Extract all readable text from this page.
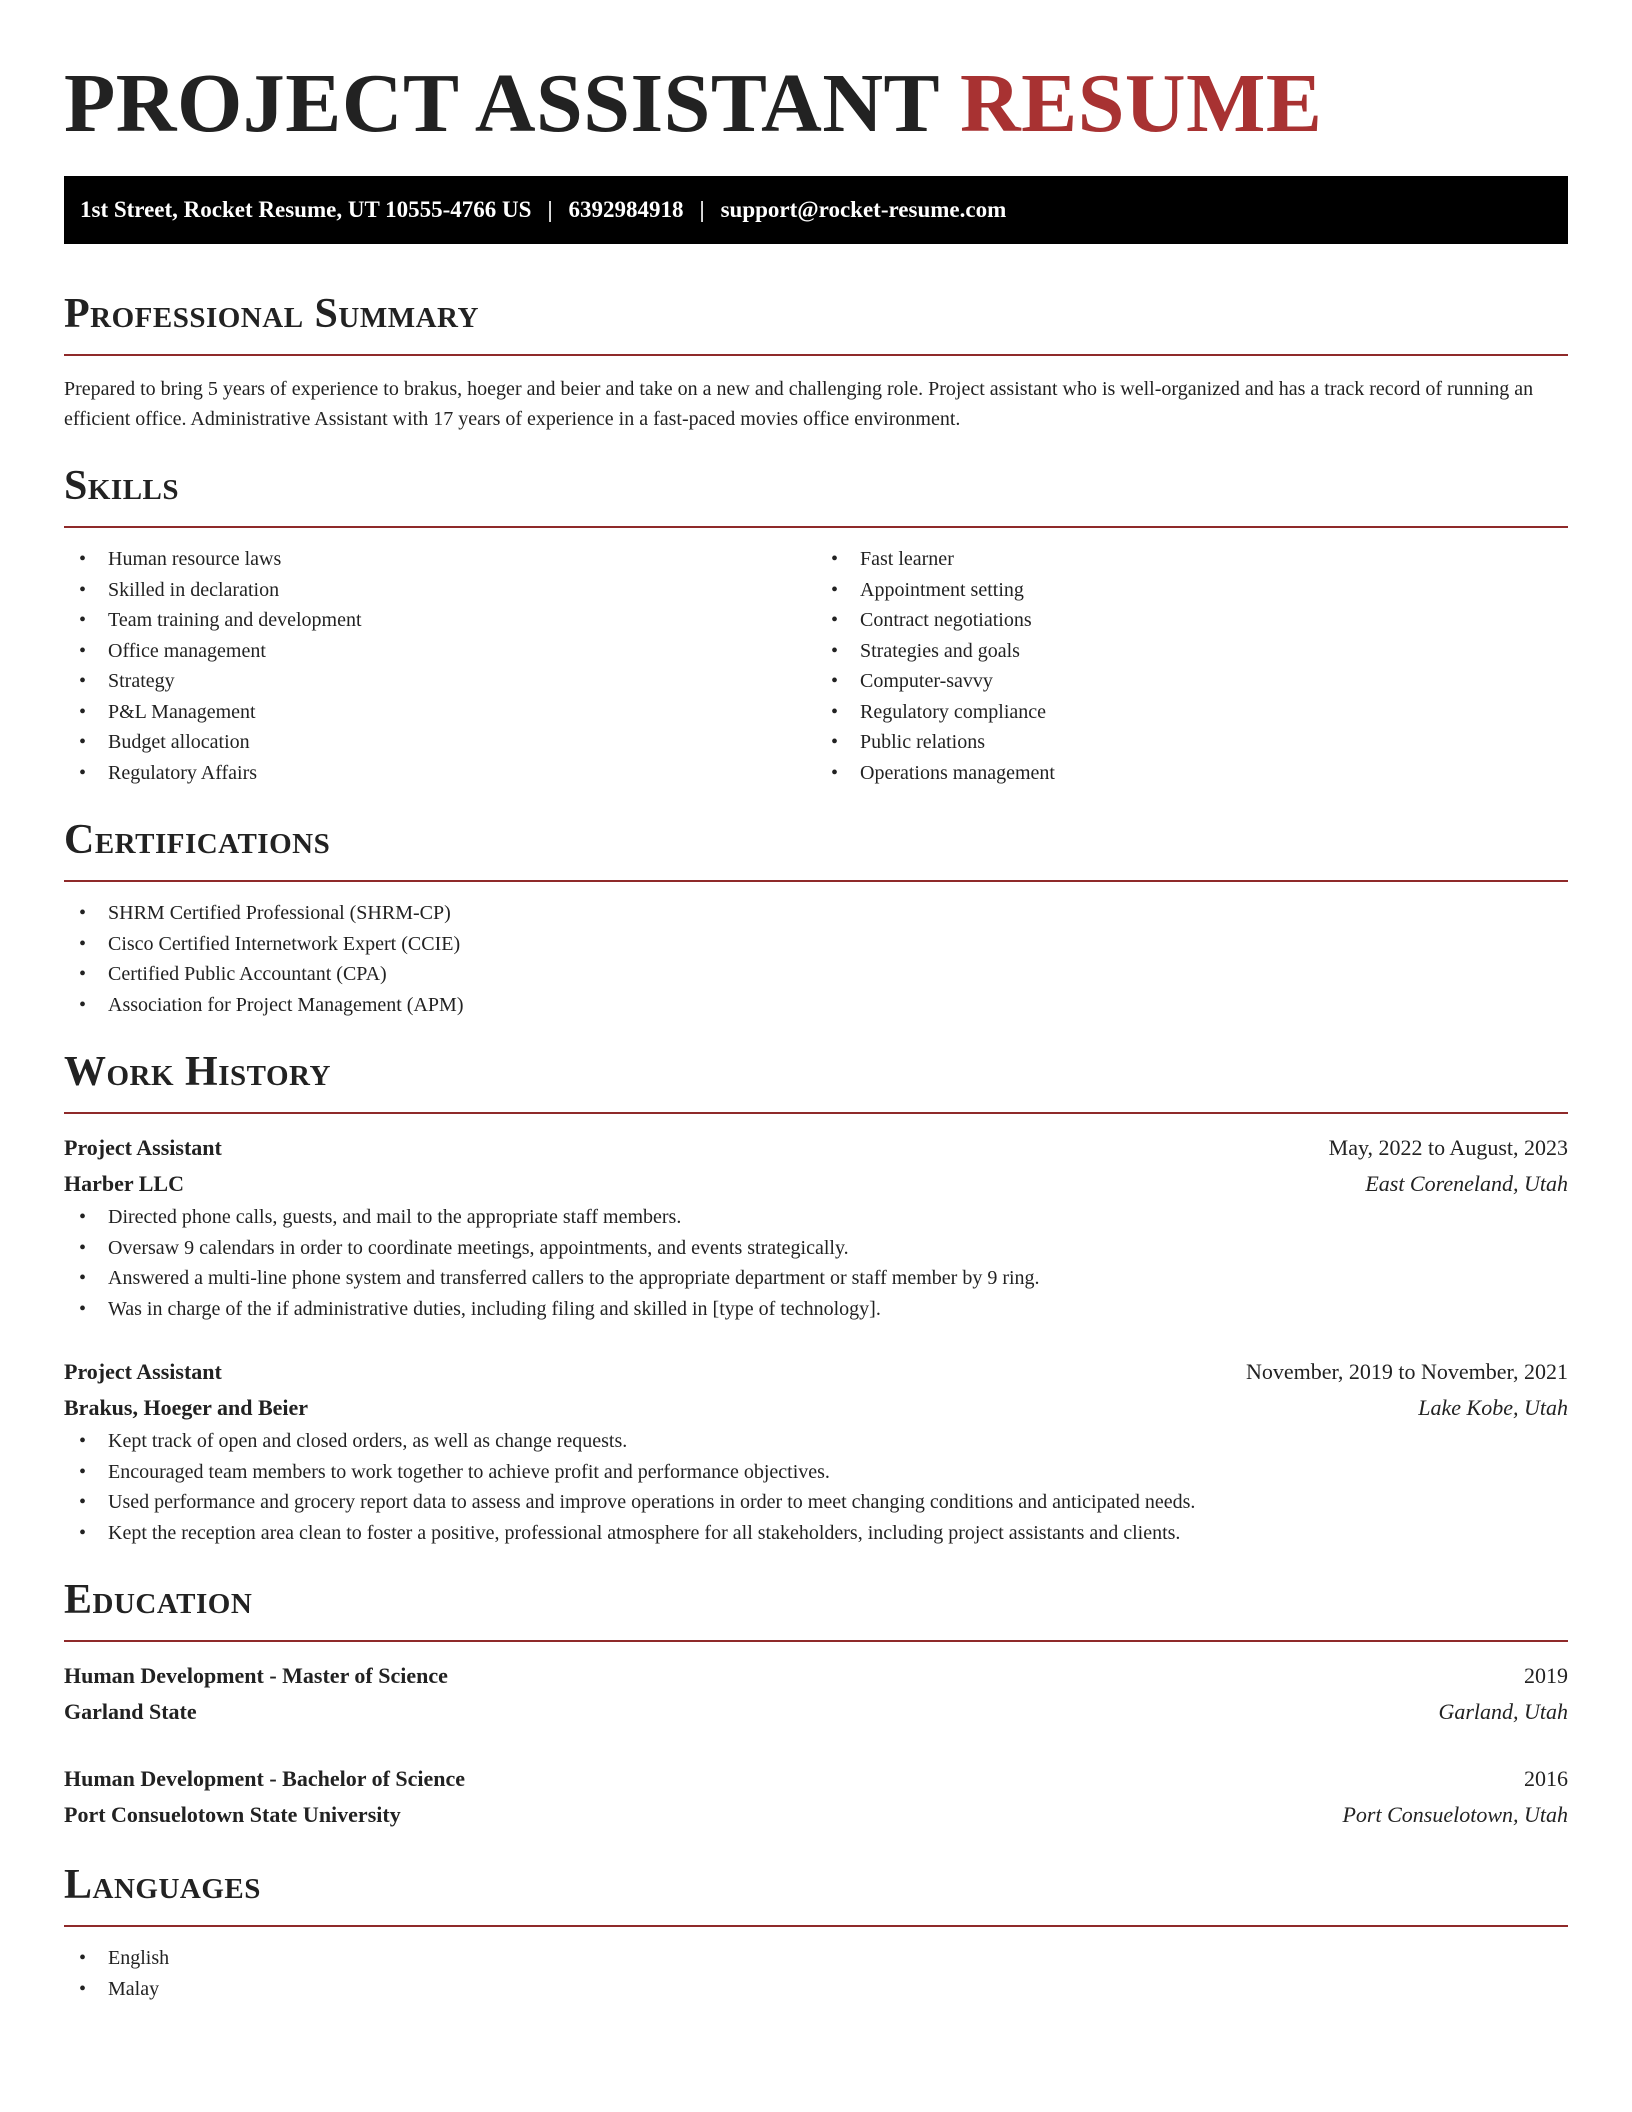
PROJECT ASSISTANT RESUME
1st Street, Rocket Resume, UT 10555-4766 US | 6392984918 | support@rocket-resume.com
Professional Summary

Prepared to bring 5 years of experience to brakus, hoeger and beier and take on a new and challenging role. Project assistant who is well-organized and has a track record of running an efficient office. Administrative Assistant with 17 years of experience in a fast-paced movies office environment.

Skills
• Human resource laws
• Skilled in declaration
• Team training and development
• Office management
• Strategy
• P&L Management
• Budget allocation
• Regulatory Affairs
• Fast learner
• Appointment setting
• Contract negotiations
• Strategies and goals
• Computer-savvy
• Regulatory compliance
• Public relations
• Operations management
Certifications
• SHRM Certified Professional (SHRM-CP)
• Cisco Certified Internetwork Expert (CCIE)
• Certified Public Accountant (CPA)
• Association for Project Management (APM)
Work History
Project Assistant	May, 2022 to August, 2023
Harber LLC	East Coreneland, Utah
• Directed phone calls, guests, and mail to the appropriate staff members.
• Oversaw 9 calendars in order to coordinate meetings, appointments, and events strategically.
• Answered a multi-line phone system and transferred callers to the appropriate department or staff member by 9 ring.
• Was in charge of the if administrative duties, including filing and skilled in [type of technology].
Project Assistant	November, 2019 to November, 2021
Brakus, Hoeger and Beier	Lake Kobe, Utah
• Kept track of open and closed orders, as well as change requests.
• Encouraged team members to work together to achieve profit and performance objectives.
• Used performance and grocery report data to assess and improve operations in order to meet changing conditions and anticipated needs.
• Kept the reception area clean to foster a positive, professional atmosphere for all stakeholders, including project assistants and clients.
Education
Human Development - Master of Science	2019
Garland State	Garland, Utah
Human Development - Bachelor of Science	2016
Port Consuelotown State University	Port Consuelotown, Utah
Languages
• English
• Malay
